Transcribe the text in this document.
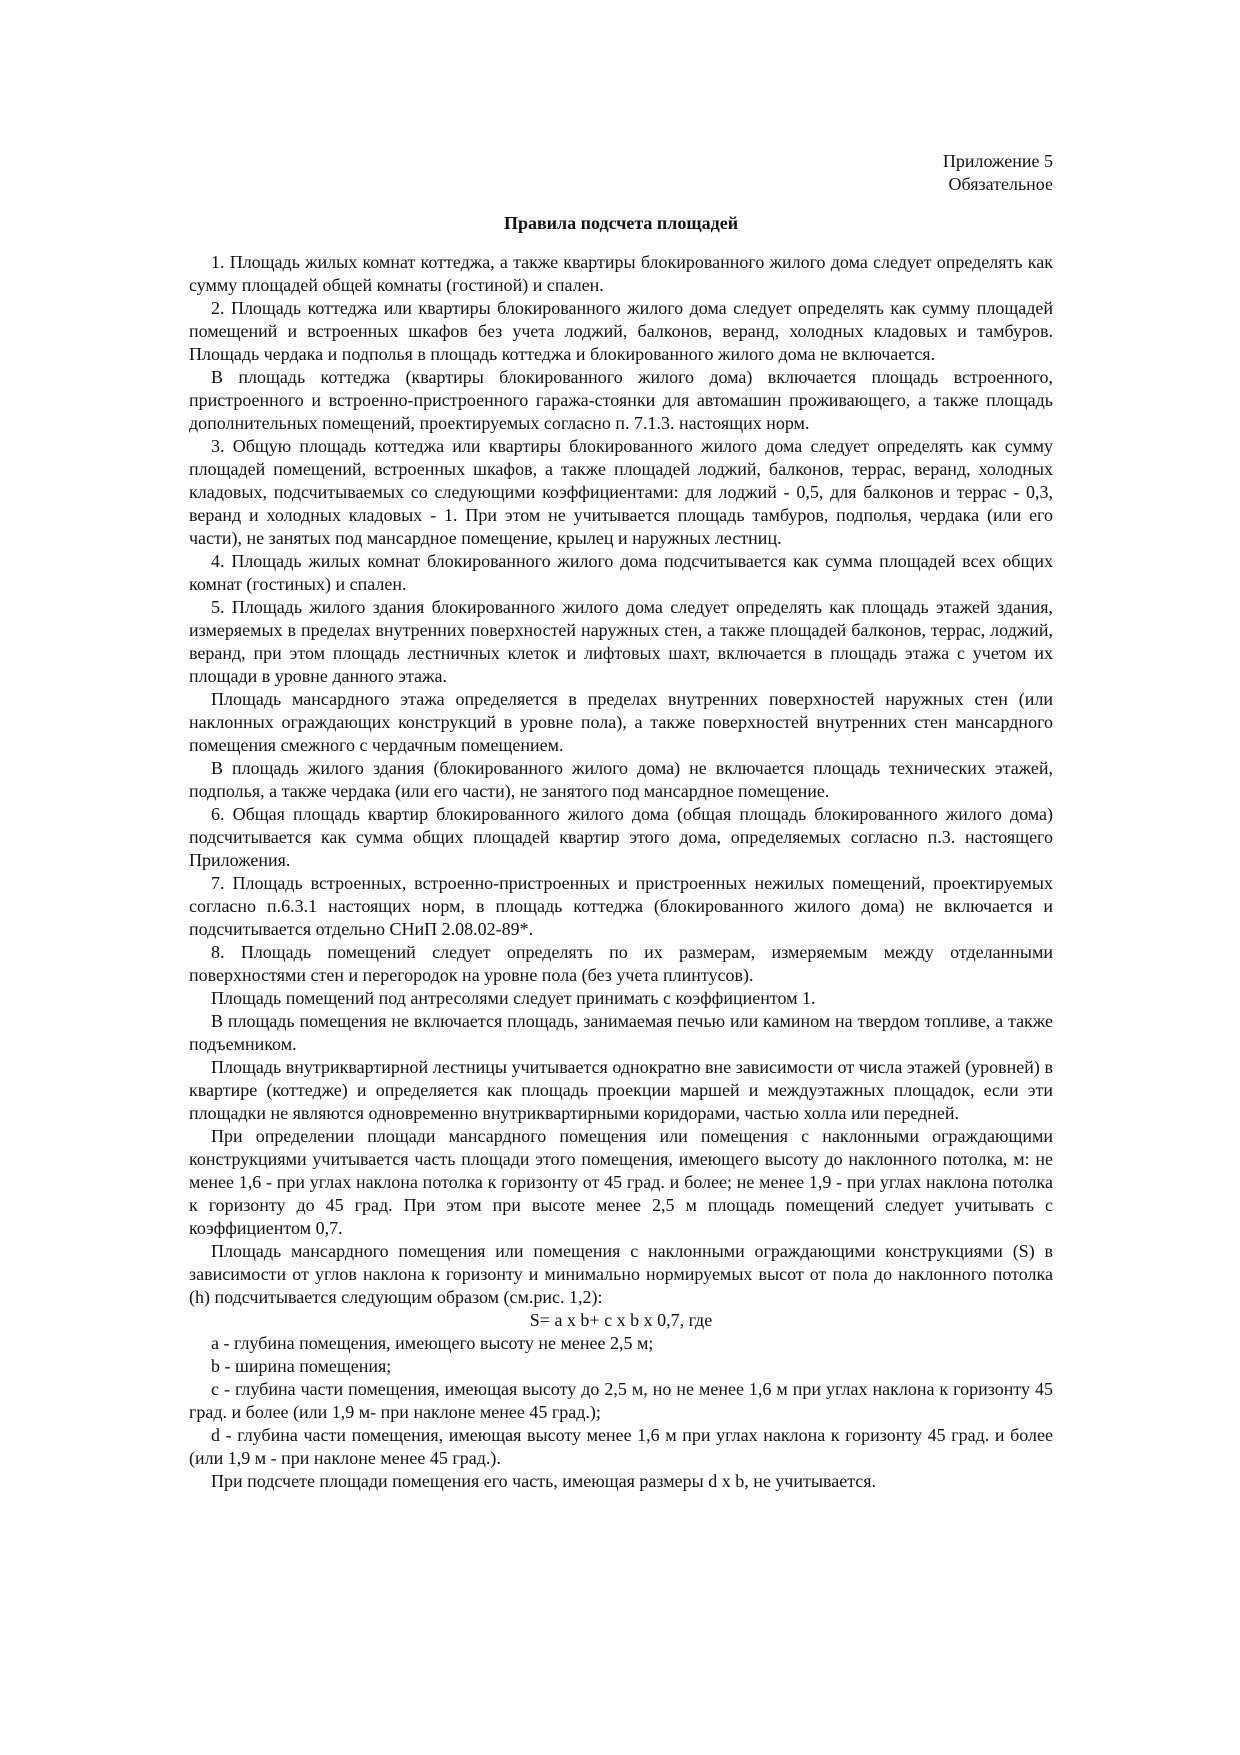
Приложение 5
Обязательное
Правила подсчета площадей

1. Площадь жилых комнат коттеджа, а также квартиры блокированного жилого дома следует определять как сумму площадей общей комнаты (гостиной) и спален.

2. Площадь коттеджа или квартиры блокированного жилого дома следует определять как сумму площадей помещений и встроенных шкафов без учета лоджий, балконов, веранд, холодных кладовых и тамбуров. Площадь чердака и подполья в площадь коттеджа и блокированного жилого дома не включается.

В площадь коттеджа (квартиры блокированного жилого дома) включается площадь встроенного, пристроенного и встроенно-пристроенного гаража-стоянки для автомашин проживающего, а также площадь дополнительных помещений, проектируемых согласно п. 7.1.3. настоящих норм.

3. Общую площадь коттеджа или квартиры блокированного жилого дома следует определять как сумму площадей помещений, встроенных шкафов, а также площадей лоджий, балконов, террас, веранд, холодных кладовых, подсчитываемых со следующими коэффициентами: для лоджий - 0,5, для балконов и террас - 0,3, веранд и холодных кладовых - 1. При этом не учитывается площадь тамбуров, подполья, чердака (или его части), не занятых под мансардное помещение, крылец и наружных лестниц.

4. Площадь жилых комнат блокированного жилого дома подсчитывается как сумма площадей всех общих комнат (гостиных) и спален.

5. Площадь жилого здания блокированного жилого дома следует определять как площадь этажей здания, измеряемых в пределах внутренних поверхностей наружных стен, а также площадей балконов, террас, лоджий, веранд, при этом площадь лестничных клеток и лифтовых шахт, включается в площадь этажа с учетом их площади в уровне данного этажа.

Площадь мансардного этажа определяется в пределах внутренних поверхностей наружных стен (или наклонных ограждающих конструкций в уровне пола), а также поверхностей внутренних стен мансардного помещения смежного с чердачным помещением.

В площадь жилого здания (блокированного жилого дома) не включается площадь технических этажей, подполья, а также чердака (или его части), не занятого под мансардное помещение.

6. Общая площадь квартир блокированного жилого дома (общая площадь блокированного жилого дома) подсчитывается как сумма общих площадей квартир этого дома, определяемых согласно п.3. настоящего Приложения.

7. Площадь встроенных, встроенно-пристроенных и пристроенных нежилых помещений, проектируемых согласно п.6.3.1 настоящих норм, в площадь коттеджа (блокированного жилого дома) не включается и подсчитывается отдельно СНиП 2.08.02-89*.

8. Площадь помещений следует определять по их размерам, измеряемым между отделанными поверхностями стен и перегородок на уровне пола (без учета плинтусов).

Площадь помещений под антресолями следует принимать с коэффициентом 1.

В площадь помещения не включается площадь, занимаемая печью или камином на твердом топливе, а также подъемником.

Площадь внутриквартирной лестницы учитывается однократно вне зависимости от числа этажей (уровней) в квартире (коттедже) и определяется как площадь проекции маршей и междуэтажных площадок, если эти площадки не являются одновременно внутриквартирными коридорами, частью холла или передней.

При определении площади мансардного помещения или помещения с наклонными ограждающими конструкциями учитывается часть площади этого помещения, имеющего высоту до наклонного потолка, м: не менее 1,6 - при углах наклона потолка к горизонту от 45 град. и более; не менее 1,9 - при углах наклона потолка к горизонту до 45 град. При этом при высоте менее 2,5 м площадь помещений следует учитывать с коэффициентом 0,7.

Площадь мансардного помещения или помещения с наклонными ограждающими конструкциями (S) в зависимости от углов наклона к горизонту и минимально нормируемых высот от пола до наклонного потолка (h) подсчитывается следующим образом (см.рис. 1,2):

S= a x b+ c x b x 0,7, где

a - глубина помещения, имеющего высоту не менее 2,5 м;

b - ширина помещения;

c - глубина части помещения, имеющая высоту до 2,5 м, но не менее 1,6 м при углах наклона к горизонту 45 град. и более (или 1,9 м- при наклоне менее 45 град.);

d - глубина части помещения, имеющая высоту менее 1,6 м при углах наклона к горизонту 45 град. и более (или 1,9 м - при наклоне менее 45 град.).

При подсчете площади помещения его часть, имеющая размеры d x b, не учитывается.
